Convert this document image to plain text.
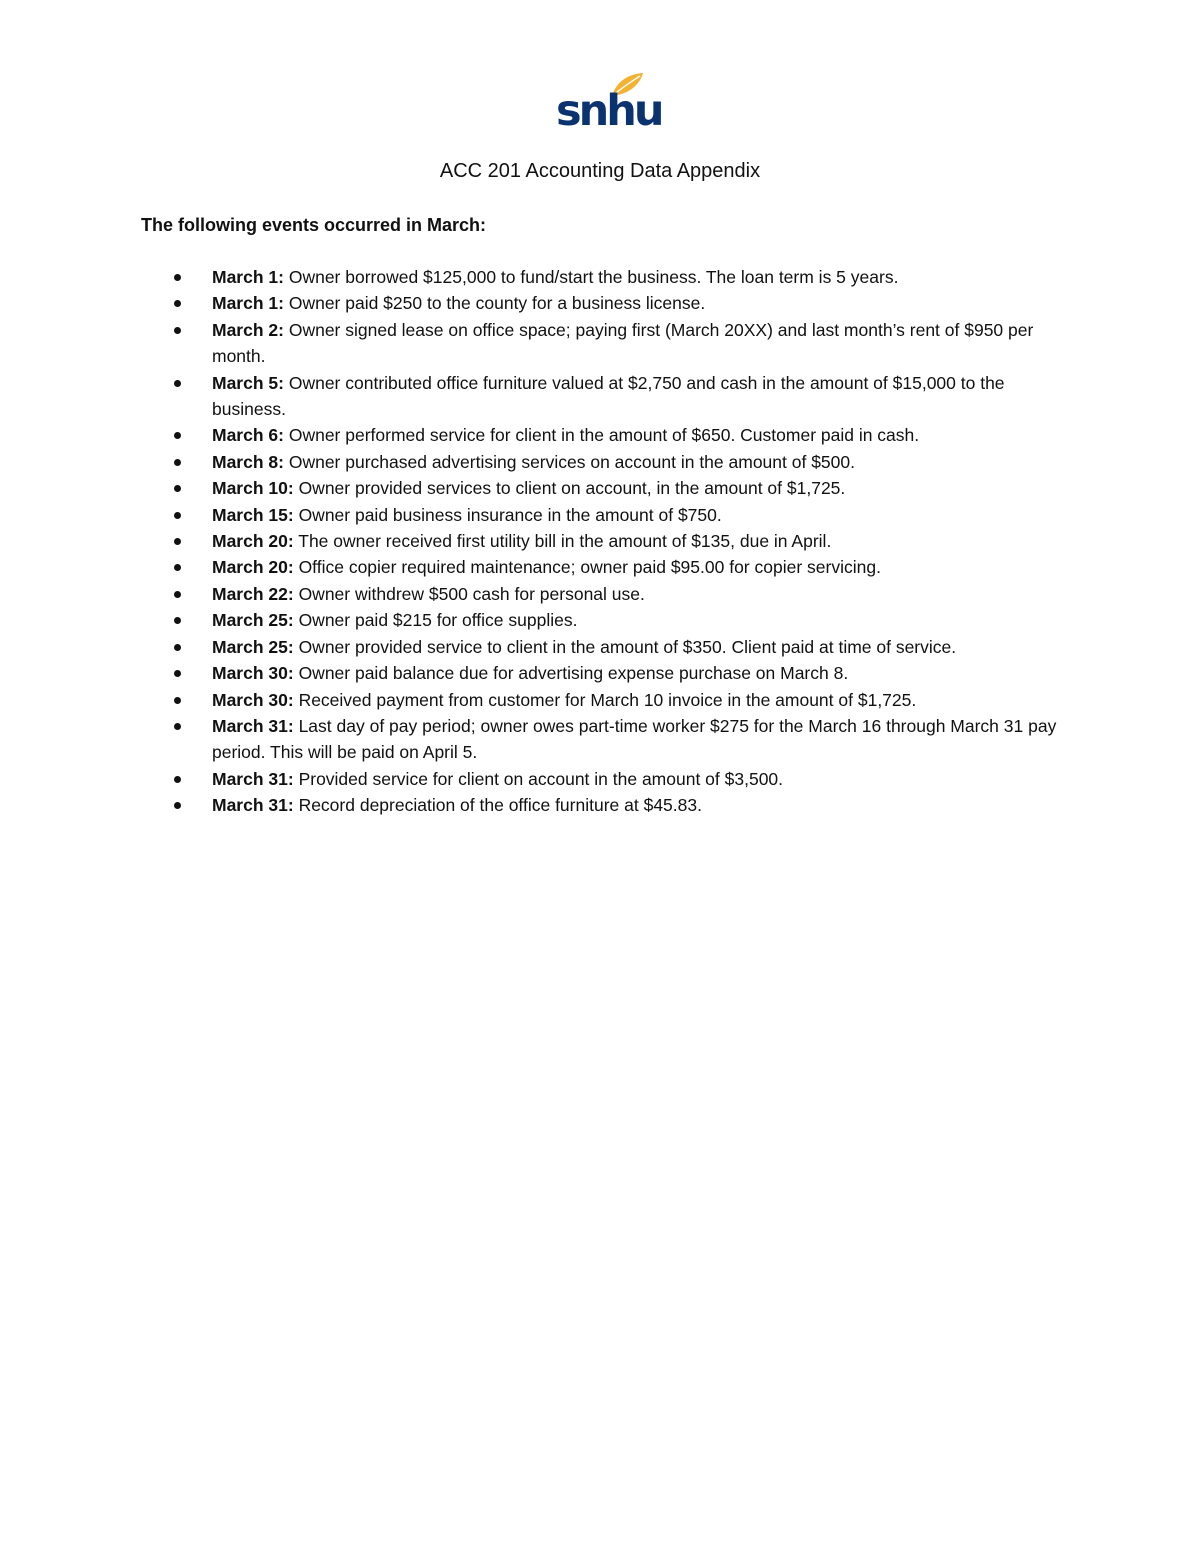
snhu
ACC 201 Accounting Data Appendix
The following events occurred in March:
March 1: Owner borrowed $125,000 to fund/start the business. The loan term is 5 years.
March 1: Owner paid $250 to the county for a business license.
March 2: Owner signed lease on office space; paying first (March 20XX) and last month’s rent of $950 per month.
March 5: Owner contributed office furniture valued at $2,750 and cash in the amount of $15,000 to the business.
March 6: Owner performed service for client in the amount of $650. Customer paid in cash.
March 8: Owner purchased advertising services on account in the amount of $500.
March 10: Owner provided services to client on account, in the amount of $1,725.
March 15: Owner paid business insurance in the amount of $750.
March 20: The owner received first utility bill in the amount of $135, due in April.
March 20: Office copier required maintenance; owner paid $95.00 for copier servicing.
March 22: Owner withdrew $500 cash for personal use.
March 25: Owner paid $215 for office supplies.
March 25: Owner provided service to client in the amount of $350. Client paid at time of service.
March 30: Owner paid balance due for advertising expense purchase on March 8.
March 30: Received payment from customer for March 10 invoice in the amount of $1,725.
March 31: Last day of pay period; owner owes part-time worker $275 for the March 16 through March 31 pay period. This will be paid on April 5.
March 31: Provided service for client on account in the amount of $3,500.
March 31: Record depreciation of the office furniture at $45.83.
